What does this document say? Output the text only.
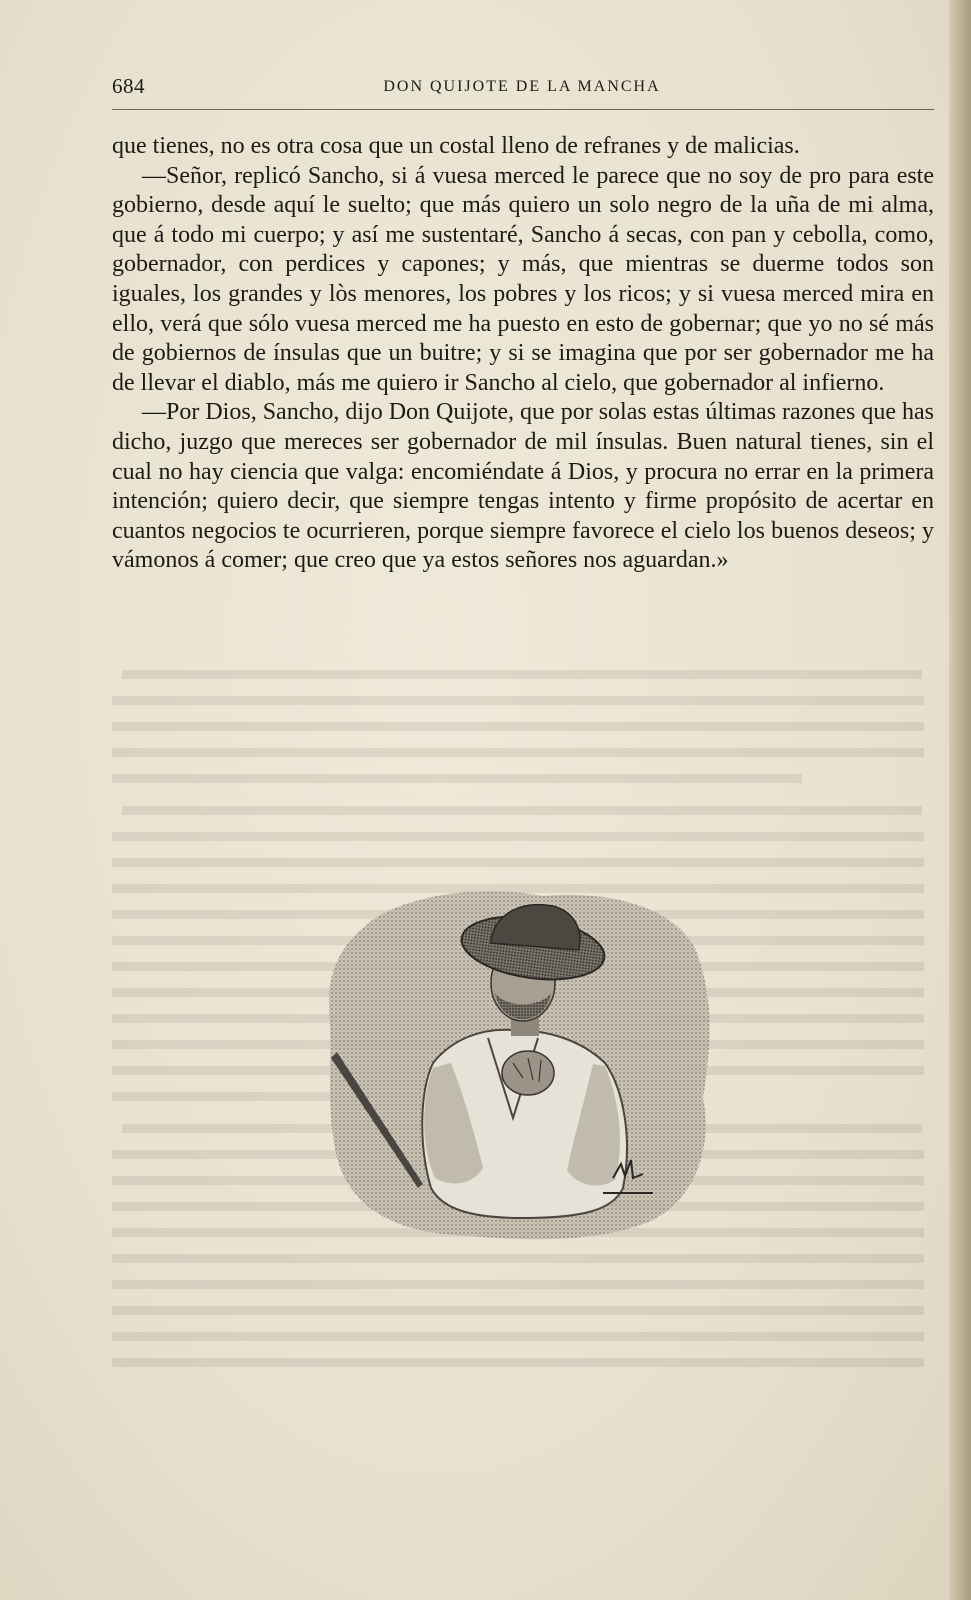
684	DON QUIJOTE DE LA MANCHA

que tienes, no es otra cosa que un costal lleno de refranes y de malicias.

—Señor, replicó Sancho, si á vuesa merced le parece que no soy de pro para este gobierno, desde aquí le suelto; que más quiero un solo negro de la uña de mi alma, que á todo mi cuerpo; y así me sustentaré, Sancho á secas, con pan y cebolla, como, gobernador, con perdices y capones; y más, que mientras se duerme todos son iguales, los grandes y lòs menores, los pobres y los ricos; y si vuesa merced mira en ello, verá que sólo vuesa merced me ha puesto en esto de gobernar; que yo no sé más de gobiernos de ínsulas que un buitre; y si se imagina que por ser gobernador me ha de llevar el diablo, más me quiero ir Sancho al cielo, que gobernador al infierno.

—Por Dios, Sancho, dijo Don Quijote, que por solas estas últimas razones que has dicho, juzgo que mereces ser gobernador de mil ínsulas. Buen natural tienes, sin el cual no hay ciencia que valga: encomiéndate á Dios, y procura no errar en la primera intención; quiero decir, que siempre tengas intento y firme propósito de acertar en cuantos negocios te ocurrieren, porque siempre favorece el cielo los buenos deseos; y vámonos á comer; que creo que ya estos señores nos aguardan.»
